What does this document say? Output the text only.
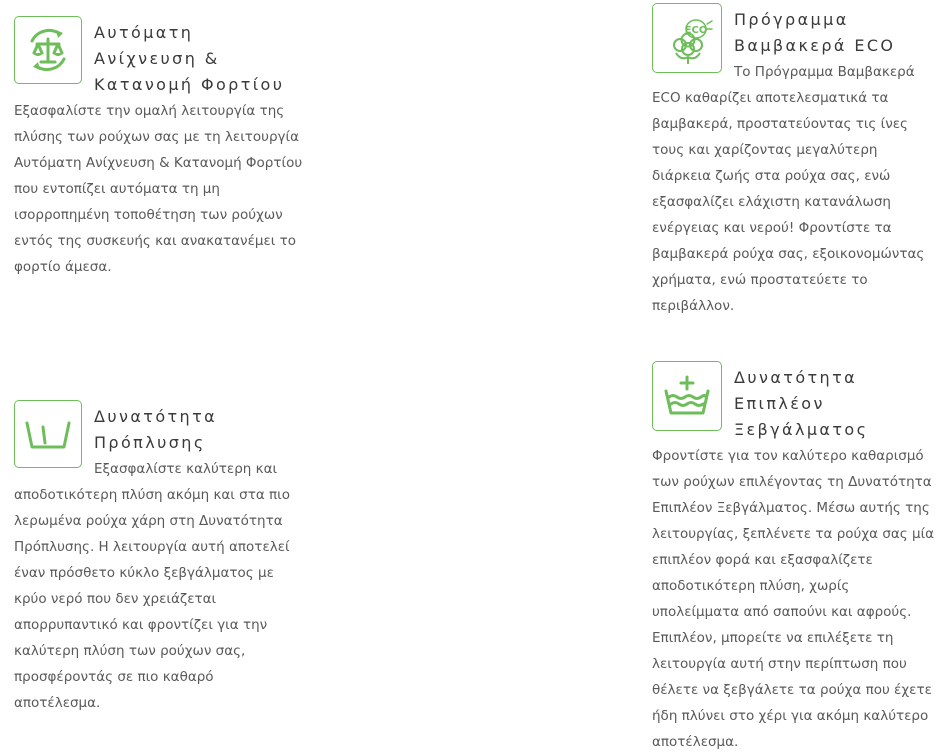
Αυτόματη
Ανίχνευση &
Κατανομή Φορτίου

Εξασφαλίστε την ομαλή λειτουργία της πλύσης των ρούχων σας με τη λειτουργία Αυτόματη Ανίχνευση & Κατανομή Φορτίου που εντοπίζει αυτόματα τη μη ισορροπημένη τοποθέτηση των ρούχων εντός της συσκευής και ανακατανέμει το φορτίο άμεσα.

ECO
Πρόγραμμα
Βαμβακερά ECO

Το Πρόγραμμα Βαμβακερά ECO καθαρίζει αποτελεσματικά τα βαμβακερά, προστατεύοντας τις ίνες τους και χαρίζοντας μεγαλύτερη διάρκεια ζωής στα ρούχα σας, ενώ εξασφαλίζει ελάχιστη κατανάλωση ενέργειας και νερού! Φροντίστε τα βαμβακερά ρούχα σας, εξοικονομώντας χρήματα, ενώ προστατεύετε το περιβάλλον.

Δυνατότητα
Πρόπλυσης

Εξασφαλίστε καλύτερη και αποδοτικότερη πλύση ακόμη και στα πιο λερωμένα ρούχα χάρη στη Δυνατότητα Πρόπλυσης. Η λειτουργία αυτή αποτελεί έναν πρόσθετο κύκλο ξεβγάλματος με κρύο νερό που δεν χρειάζεται απορρυπαντικό και φροντίζει για την καλύτερη πλύση των ρούχων σας, προσφέροντάς σε πιο καθαρό αποτέλεσμα.

Δυνατότητα
Επιπλέον
Ξεβγάλματος

Φροντίστε για τον καλύτερο καθαρισμό των ρούχων επιλέγοντας τη Δυνατότητα Επιπλέον Ξεβγάλματος. Μέσω αυτής της λειτουργίας, ξεπλένετε τα ρούχα σας μία επιπλέον φορά και εξασφαλίζετε αποδοτικότερη πλύση, χωρίς υπολείμματα από σαπούνι και αφρούς. Επιπλέον, μπορείτε να επιλέξετε τη λειτουργία αυτή στην περίπτωση που θέλετε να ξεβγάλετε τα ρούχα που έχετε ήδη πλύνει στο χέρι για ακόμη καλύτερο αποτέλεσμα.
